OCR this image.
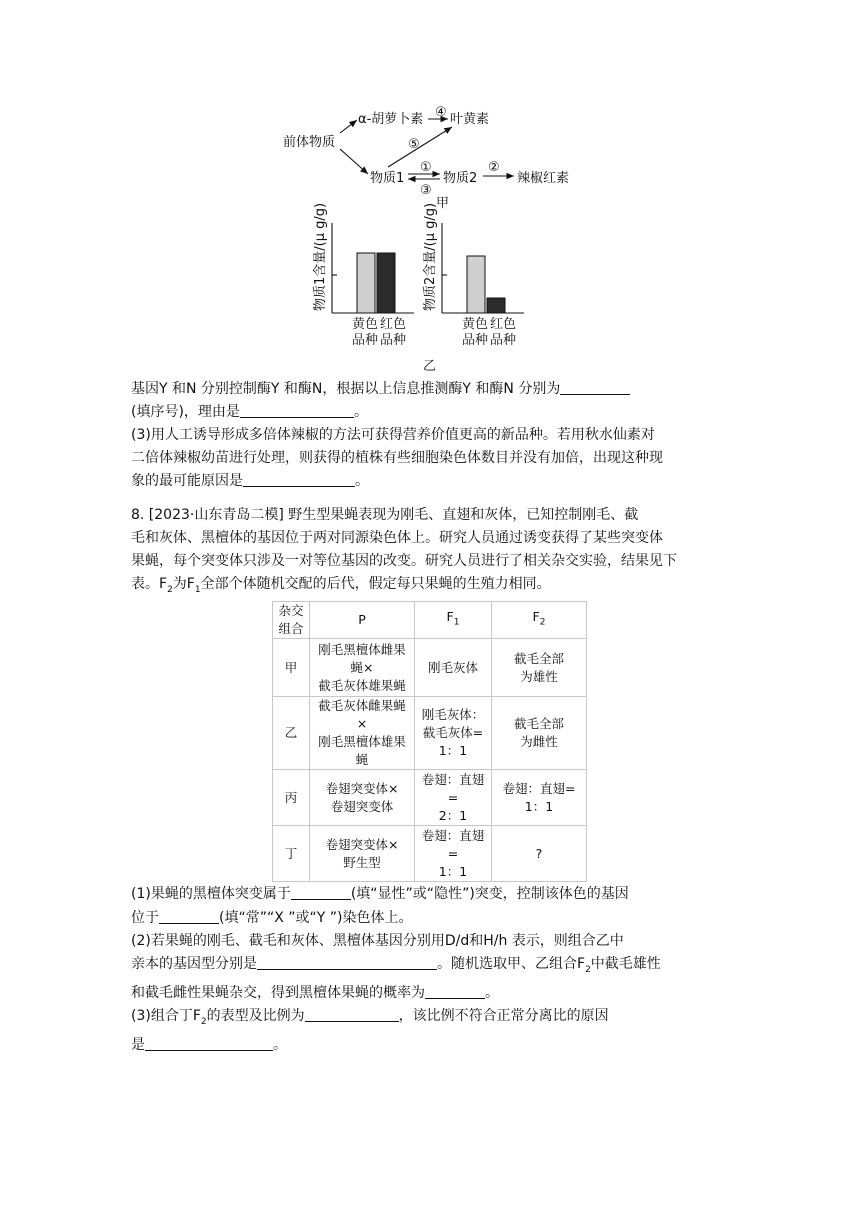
前体物质
α-胡萝卜素 叶黄素
物质1	物质2	辣椒红素
④
⑤
①
③
②
甲
物质1含量/(μ g/g)
黄色
品种
红色
品种
物质2含量/(μ g/g)
黄色
品种
红色
品种
乙
基因Y 和N 分别控制酶Y 和酶N，根据以上信息推测酶Y 和酶N 分别为
(填序号)，理由是	。
(3)用人工诱导形成多倍体辣椒的方法可获得营养价值更高的新品种。若用秋水仙素对
二倍体辣椒幼苗进行处理，则获得的植株有些细胞染色体数目并没有加倍，出现这种现
象的最可能原因是	。
8. [2023·山东青岛二模] 野生型果蝇表现为刚毛、直翅和灰体，已知控制刚毛、截
毛和灰体、黑檀体的基因位于两对同源染色体上。研究人员通过诱变获得了某些突变体
果蝇，每个突变体只涉及一对等位基因的改变。研究人员进行了相关杂交实验，结果见下
表。$F_2$为$F_1$全部个体随机交配的后代，假定每只果蝇的生殖力相同。
杂交
组合	P	$F_1$	$F_2$
甲	刚毛黑檀体雌果
蝇×
截毛灰体雄果蝇	刚毛灰体	截毛全部
为雄性
乙	截毛灰体雌果蝇
×
刚毛黑檀体雄果
蝇	刚毛灰体：
截毛灰体=
1：1	截毛全部
为雌性
丙	卷翅突变体×
卷翅突变体	卷翅：直翅
=
2：1	卷翅：直翅=
1：1
丁	卷翅突变体×
野生型	卷翅：直翅
=
1：1	?
(1)果蝇的黑檀体突变属于	(填“显性”或“隐性”)突变，控制该体色的基因
位于	(填“常”“X ”或“Y ”)染色体上。
(2)若果蝇的刚毛、截毛和灰体、黑檀体基因分别用D/d和H/h 表示，则组合乙中
亲本的基因型分别是	。随机选取甲、乙组合$F_2$中截毛雄性
和截毛雌性果蝇杂交，得到黑檀体果蝇的概率为	。
(3)组合丁$F_2$的表型及比例为	，该比例不符合正常分离比的原因
是	。
